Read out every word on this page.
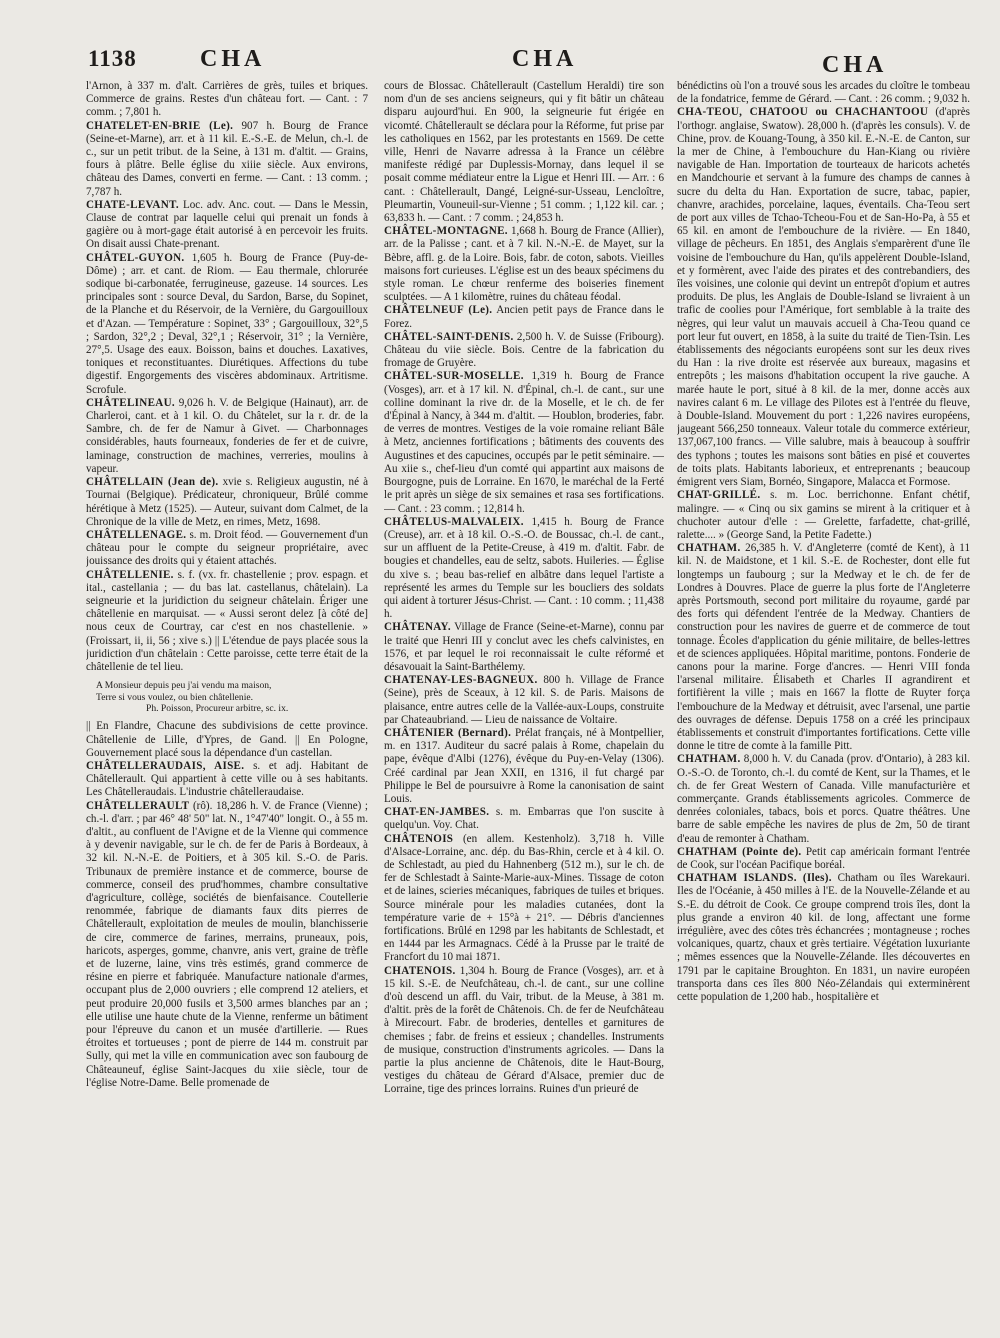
1138	CHA	CHA	CHA

l'Arnon, à 337 m. d'alt. Carrières de grès, tuiles et briques. Commerce de grains. Restes d'un château fort. — Cant. : 7 comm. ; 7,801 h.

CHATELET-EN-BRIE (Le). 907 h. Bourg de France (Seine-et-Marne), arr. et à 11 kil. E.-S.-E. de Melun, ch.-l. de c., sur un petit tribut. de la Seine, à 131 m. d'altit. — Grains, fours à plâtre. Belle église du xiiie siècle. Aux environs, château des Dames, converti en ferme. — Cant. : 13 comm. ; 7,787 h.

CHATE-LEVANT. Loc. adv. Anc. cout. — Dans le Messin, Clause de contrat par laquelle celui qui prenait un fonds à gagière ou à mort-gage était autorisé à en percevoir les fruits. On disait aussi Chate-prenant.

CHÂTEL-GUYON. 1,605 h. Bourg de France (Puy-de-Dôme) ; arr. et cant. de Riom. — Eau thermale, chlorurée sodique bi-carbonatée, ferrugineuse, gazeuse. 14 sources. Les principales sont : source Deval, du Sardon, Barse, du Sopinet, de la Planche et du Réservoir, de la Vernière, du Gargouilloux et d'Azan. — Température : Sopinet, 33° ; Gargouilloux, 32°,5 ; Sardon, 32°,2 ; Deval, 32°,1 ; Réservoir, 31° ; la Vernière, 27°,5. Usage des eaux. Boisson, bains et douches. Laxatives, toniques et reconstituantes. Diurétiques. Affections du tube digestif. Engorgements des viscères abdominaux. Artritisme. Scrofule.

CHÂTELINEAU. 9,026 h. V. de Belgique (Hainaut), arr. de Charleroi, cant. et à 1 kil. O. du Châtelet, sur la r. dr. de la Sambre, ch. de fer de Namur à Givet. — Charbonnages considérables, hauts fourneaux, fonderies de fer et de cuivre, laminage, construction de machines, verreries, moulins à vapeur.

CHÂTELLAIN (Jean de). xvie s. Religieux augustin, né à Tournai (Belgique). Prédicateur, chroniqueur, Brûlé comme hérétique à Metz (1525). — Auteur, suivant dom Calmet, de la Chronique de la ville de Metz, en rimes, Metz, 1698.

CHÂTELLENAGE. s. m. Droit féod. — Gouvernement d'un château pour le compte du seigneur propriétaire, avec jouissance des droits qui y étaient attachés.

CHÂTELLENIE. s. f. (vx. fr. chastellenie ; prov. espagn. et ital., castellania ; — du bas lat. castellanus, châtelain). La seigneurie et la juridiction du seigneur châtelain. Ériger une châtellenie en marquisat. — « Aussi seront delez [à côté de] nous ceux de Courtray, car c'est en nos chastellenie. » (Froissart, ii, ii, 56 ; xive s.) || L'étendue de pays placée sous la juridiction d'un châtelain : Cette paroisse, cette terre était de la châtellenie de tel lieu.

A Monsieur depuis peu j'ai vendu ma maison,
Terre si vous voulez, ou bien châtellenie.
Ph. Poisson, Procureur arbitre, sc. ix.

|| En Flandre, Chacune des subdivisions de cette province. Châtellenie de Lille, d'Ypres, de Gand. || En Pologne, Gouvernement placé sous la dépendance d'un castellan.

CHÂTELLERAUDAIS, AISE. s. et adj. Habitant de Châtellerault. Qui appartient à cette ville ou à ses habitants. Les Châtelleraudais. L'industrie châtelleraudaise.

CHÂTELLERAULT (rô). 18,286 h. V. de France (Vienne) ; ch.-l. d'arr. ; par 46° 48' 50" lat. N., 1°47'40" longit. O., à 55 m. d'altit., au confluent de l'Avigne et de la Vienne qui commence à y devenir navigable, sur le ch. de fer de Paris à Bordeaux, à 32 kil. N.-N.-E. de Poitiers, et à 305 kil. S.-O. de Paris. Tribunaux de première instance et de commerce, bourse de commerce, conseil des prud'hommes, chambre consultative d'agriculture, collège, sociétés de bienfaisance. Coutellerie renommée, fabrique de diamants faux dits pierres de Châtellerault, exploitation de meules de moulin, blanchisserie de cire, commerce de farines, merrains, pruneaux, pois, haricots, asperges, gomme, chanvre, anis vert, graine de trèfle et de luzerne, laine, vins très estimés, grand commerce de résine en pierre et fabriquée. Manufacture nationale d'armes, occupant plus de 2,000 ouvriers ; elle comprend 12 ateliers, et peut produire 20,000 fusils et 3,500 armes blanches par an ; elle utilise une haute chute de la Vienne, renferme un bâtiment pour l'épreuve du canon et un musée d'artillerie. — Rues étroites et tortueuses ; pont de pierre de 144 m. construit par Sully, qui met la ville en communication avec son faubourg de Châteauneuf, église Saint-Jacques du xiie siècle, tour de l'église Notre-Dame. Belle promenade de

cours de Blossac. Châtellerault (Castellum Heraldi) tire son nom d'un de ses anciens seigneurs, qui y fit bâtir un château disparu aujourd'hui. En 900, la seigneurie fut érigée en vicomté. Châtellerault se déclara pour la Réforme, fut prise par les catholiques en 1562, par les protestants en 1569. De cette ville, Henri de Navarre adressa à la France un célèbre manifeste rédigé par Duplessis-Mornay, dans lequel il se posait comme médiateur entre la Ligue et Henri III. — Arr. : 6 cant. : Châtellerault, Dangé, Leigné-sur-Usseau, Lencloître, Pleumartin, Vouneuil-sur-Vienne ; 51 comm. ; 1,122 kil. car. ; 63,833 h. — Cant. : 7 comm. ; 24,853 h.

CHÂTEL-MONTAGNE. 1,668 h. Bourg de France (Allier), arr. de la Palisse ; cant. et à 7 kil. N.-N.-E. de Mayet, sur la Bèbre, affl. g. de la Loire. Bois, fabr. de coton, sabots. Vieilles maisons fort curieuses. L'église est un des beaux spécimens du style roman. Le chœur renferme des boiseries finement sculptées. — A 1 kilomètre, ruines du château féodal.

CHÂTELNEUF (Le). Ancien petit pays de France dans le Forez.

CHÂTEL-SAINT-DENIS. 2,500 h. V. de Suisse (Fribourg). Château du viie siècle. Bois. Centre de la fabrication du fromage de Gruyère.

CHÂTEL-SUR-MOSELLE. 1,319 h. Bourg de France (Vosges), arr. et à 17 kil. N. d'Épinal, ch.-l. de cant., sur une colline dominant la rive dr. de la Moselle, et le ch. de fer d'Épinal à Nancy, à 344 m. d'altit. — Houblon, broderies, fabr. de verres de montres. Vestiges de la voie romaine reliant Bâle à Metz, anciennes fortifications ; bâtiments des couvents des Augustines et des capucines, occupés par le petit séminaire. — Au xiie s., chef-lieu d'un comté qui appartint aux maisons de Bourgogne, puis de Lorraine. En 1670, le maréchal de la Ferté le prit après un siège de six semaines et rasa ses fortifications. — Cant. : 23 comm. ; 12,814 h.

CHÂTELUS-MALVALEIX. 1,415 h. Bourg de France (Creuse), arr. et à 18 kil. O.-S.-O. de Boussac, ch.-l. de cant., sur un affluent de la Petite-Creuse, à 419 m. d'altit. Fabr. de bougies et chandelles, eau de seltz, sabots. Huileries. — Église du xive s. ; beau bas-relief en albâtre dans lequel l'artiste a représenté les armes du Temple sur les boucliers des soldats qui aident à torturer Jésus-Christ. — Cant. : 10 comm. ; 11,438 h.

CHÂTENAY. Village de France (Seine-et-Marne), connu par le traité que Henri III y conclut avec les chefs calvinistes, en 1576, et par lequel le roi reconnaissait le culte réformé et désavouait la Saint-Barthélemy.

CHATENAY-LES-BAGNEUX. 800 h. Village de France (Seine), près de Sceaux, à 12 kil. S. de Paris. Maisons de plaisance, entre autres celle de la Vallée-aux-Loups, construite par Chateaubriand. — Lieu de naissance de Voltaire.

CHÂTENIER (Bernard). Prélat français, né à Montpellier, m. en 1317. Auditeur du sacré palais à Rome, chapelain du pape, évêque d'Albi (1276), évêque du Puy-en-Velay (1306). Créé cardinal par Jean XXII, en 1316, il fut chargé par Philippe le Bel de poursuivre à Rome la canonisation de saint Louis.

CHAT-EN-JAMBES. s. m. Embarras que l'on suscite à quelqu'un. Voy. Chat.

CHÂTENOIS (en allem. Kestenholz). 3,718 h. Ville d'Alsace-Lorraine, anc. dép. du Bas-Rhin, cercle et à 4 kil. O. de Schlestadt, au pied du Hahnenberg (512 m.), sur le ch. de fer de Schlestadt à Sainte-Marie-aux-Mines. Tissage de coton et de laines, scieries mécaniques, fabriques de tuiles et briques. Source minérale pour les maladies cutanées, dont la température varie de + 15°à + 21°. — Débris d'anciennes fortifications. Brûlé en 1298 par les habitants de Schlestadt, et en 1444 par les Armagnacs. Cédé à la Prusse par le traité de Francfort du 10 mai 1871.

CHATENOIS. 1,304 h. Bourg de France (Vosges), arr. et à 15 kil. S.-E. de Neufchâteau, ch.-l. de cant., sur une colline d'où descend un affl. du Vair, tribut. de la Meuse, à 381 m. d'altit. près de la forêt de Châtenois. Ch. de fer de Neufchâteau à Mirecourt. Fabr. de broderies, dentelles et garnitures de chemises ; fabr. de freins et essieux ; chandelles. Instruments de musique, construction d'instruments agricoles. — Dans la partie la plus ancienne de Châtenois, dite le Haut-Bourg, vestiges du château de Gérard d'Alsace, premier duc de Lorraine, tige des princes lorrains. Ruines d'un prieuré de

bénédictins où l'on a trouvé sous les arcades du cloître le tombeau de la fondatrice, femme de Gérard. — Cant. : 26 comm. ; 9,032 h.

CHA-TEOU, CHATOOU ou CHACHANTOOU (d'après l'orthogr. anglaise, Swatow). 28,000 h. (d'après les consuls). V. de Chine, prov. de Kouang-Toung, à 350 kil. E.-N.-E. de Canton, sur la mer de Chine, à l'embouchure du Han-Kiang ou rivière navigable de Han. Importation de tourteaux de haricots achetés en Mandchourie et servant à la fumure des champs de cannes à sucre du delta du Han. Exportation de sucre, tabac, papier, chanvre, arachides, porcelaine, laques, éventails. Cha-Teou sert de port aux villes de Tchao-Tcheou-Fou et de San-Ho-Pa, à 55 et 65 kil. en amont de l'embouchure de la rivière. — En 1840, village de pêcheurs. En 1851, des Anglais s'emparèrent d'une île voisine de l'embouchure du Han, qu'ils appelèrent Double-Island, et y formèrent, avec l'aide des pirates et des contrebandiers, des îles voisines, une colonie qui devint un entrepôt d'opium et autres produits. De plus, les Anglais de Double-Island se livraient à un trafic de coolies pour l'Amérique, fort semblable à la traite des nègres, qui leur valut un mauvais accueil à Cha-Teou quand ce port leur fut ouvert, en 1858, à la suite du traité de Tien-Tsin. Les établissements des négociants européens sont sur les deux rives du Han : la rive droite est réservée aux bureaux, magasins et entrepôts ; les maisons d'habitation occupent la rive gauche. A marée haute le port, situé à 8 kil. de la mer, donne accès aux navires calant 6 m. Le village des Pilotes est à l'entrée du fleuve, à Double-Island. Mouvement du port : 1,226 navires européens, jaugeant 566,250 tonneaux. Valeur totale du commerce extérieur, 137,067,100 francs. — Ville salubre, mais à beaucoup à souffrir des typhons ; toutes les maisons sont bâties en pisé et couvertes de toits plats. Habitants laborieux, et entreprenants ; beaucoup émigrent vers Siam, Bornéo, Singapore, Malacca et Formose.

CHAT-GRILLÉ. s. m. Loc. berrichonne. Enfant chétif, malingre. — « Cinq ou six gamins se mirent à la critiquer et à chuchoter autour d'elle : — Grelette, farfadette, chat-grillé, ralette.... » (George Sand, la Petite Fadette.)

CHATHAM. 26,385 h. V. d'Angleterre (comté de Kent), à 11 kil. N. de Maidstone, et 1 kil. S.-E. de Rochester, dont elle fut longtemps un faubourg ; sur la Medway et le ch. de fer de Londres à Douvres. Place de guerre la plus forte de l'Angleterre après Portsmouth, second port militaire du royaume, gardé par des forts qui défendent l'entrée de la Medway. Chantiers de construction pour les navires de guerre et de commerce de tout tonnage. Écoles d'application du génie militaire, de belles-lettres et de sciences appliquées. Hôpital maritime, pontons. Fonderie de canons pour la marine. Forge d'ancres. — Henri VIII fonda l'arsenal militaire. Élisabeth et Charles II agrandirent et fortifièrent la ville ; mais en 1667 la flotte de Ruyter força l'embouchure de la Medway et détruisit, avec l'arsenal, une partie des ouvrages de défense. Depuis 1758 on a créé les principaux établissements et construit d'importantes fortifications. Cette ville donne le titre de comte à la famille Pitt.

CHATHAM. 8,000 h. V. du Canada (prov. d'Ontario), à 283 kil. O.-S.-O. de Toronto, ch.-l. du comté de Kent, sur la Thames, et le ch. de fer Great Western of Canada. Ville manufacturière et commerçante. Grands établissements agricoles. Commerce de denrées coloniales, tabacs, bois et porcs. Quatre théâtres. Une barre de sable empêche les navires de plus de 2m, 50 de tirant d'eau de remonter à Chatham.

CHATHAM (Pointe de). Petit cap américain formant l'entrée de Cook, sur l'océan Pacifique boréal.

CHATHAM ISLANDS. (Iles). Chatham ou îles Warekauri. Iles de l'Océanie, à 450 milles à l'E. de la Nouvelle-Zélande et au S.-E. du détroit de Cook. Ce groupe comprend trois îles, dont la plus grande a environ 40 kil. de long, affectant une forme irrégulière, avec des côtes très échancrées ; montagneuse ; roches volcaniques, quartz, chaux et grès tertiaire. Végétation luxuriante ; mêmes essences que la Nouvelle-Zélande. Iles découvertes en 1791 par le capitaine Broughton. En 1831, un navire européen transporta dans ces îles 800 Néo-Zélandais qui exterminèrent cette population de 1,200 hab., hospitalière et
